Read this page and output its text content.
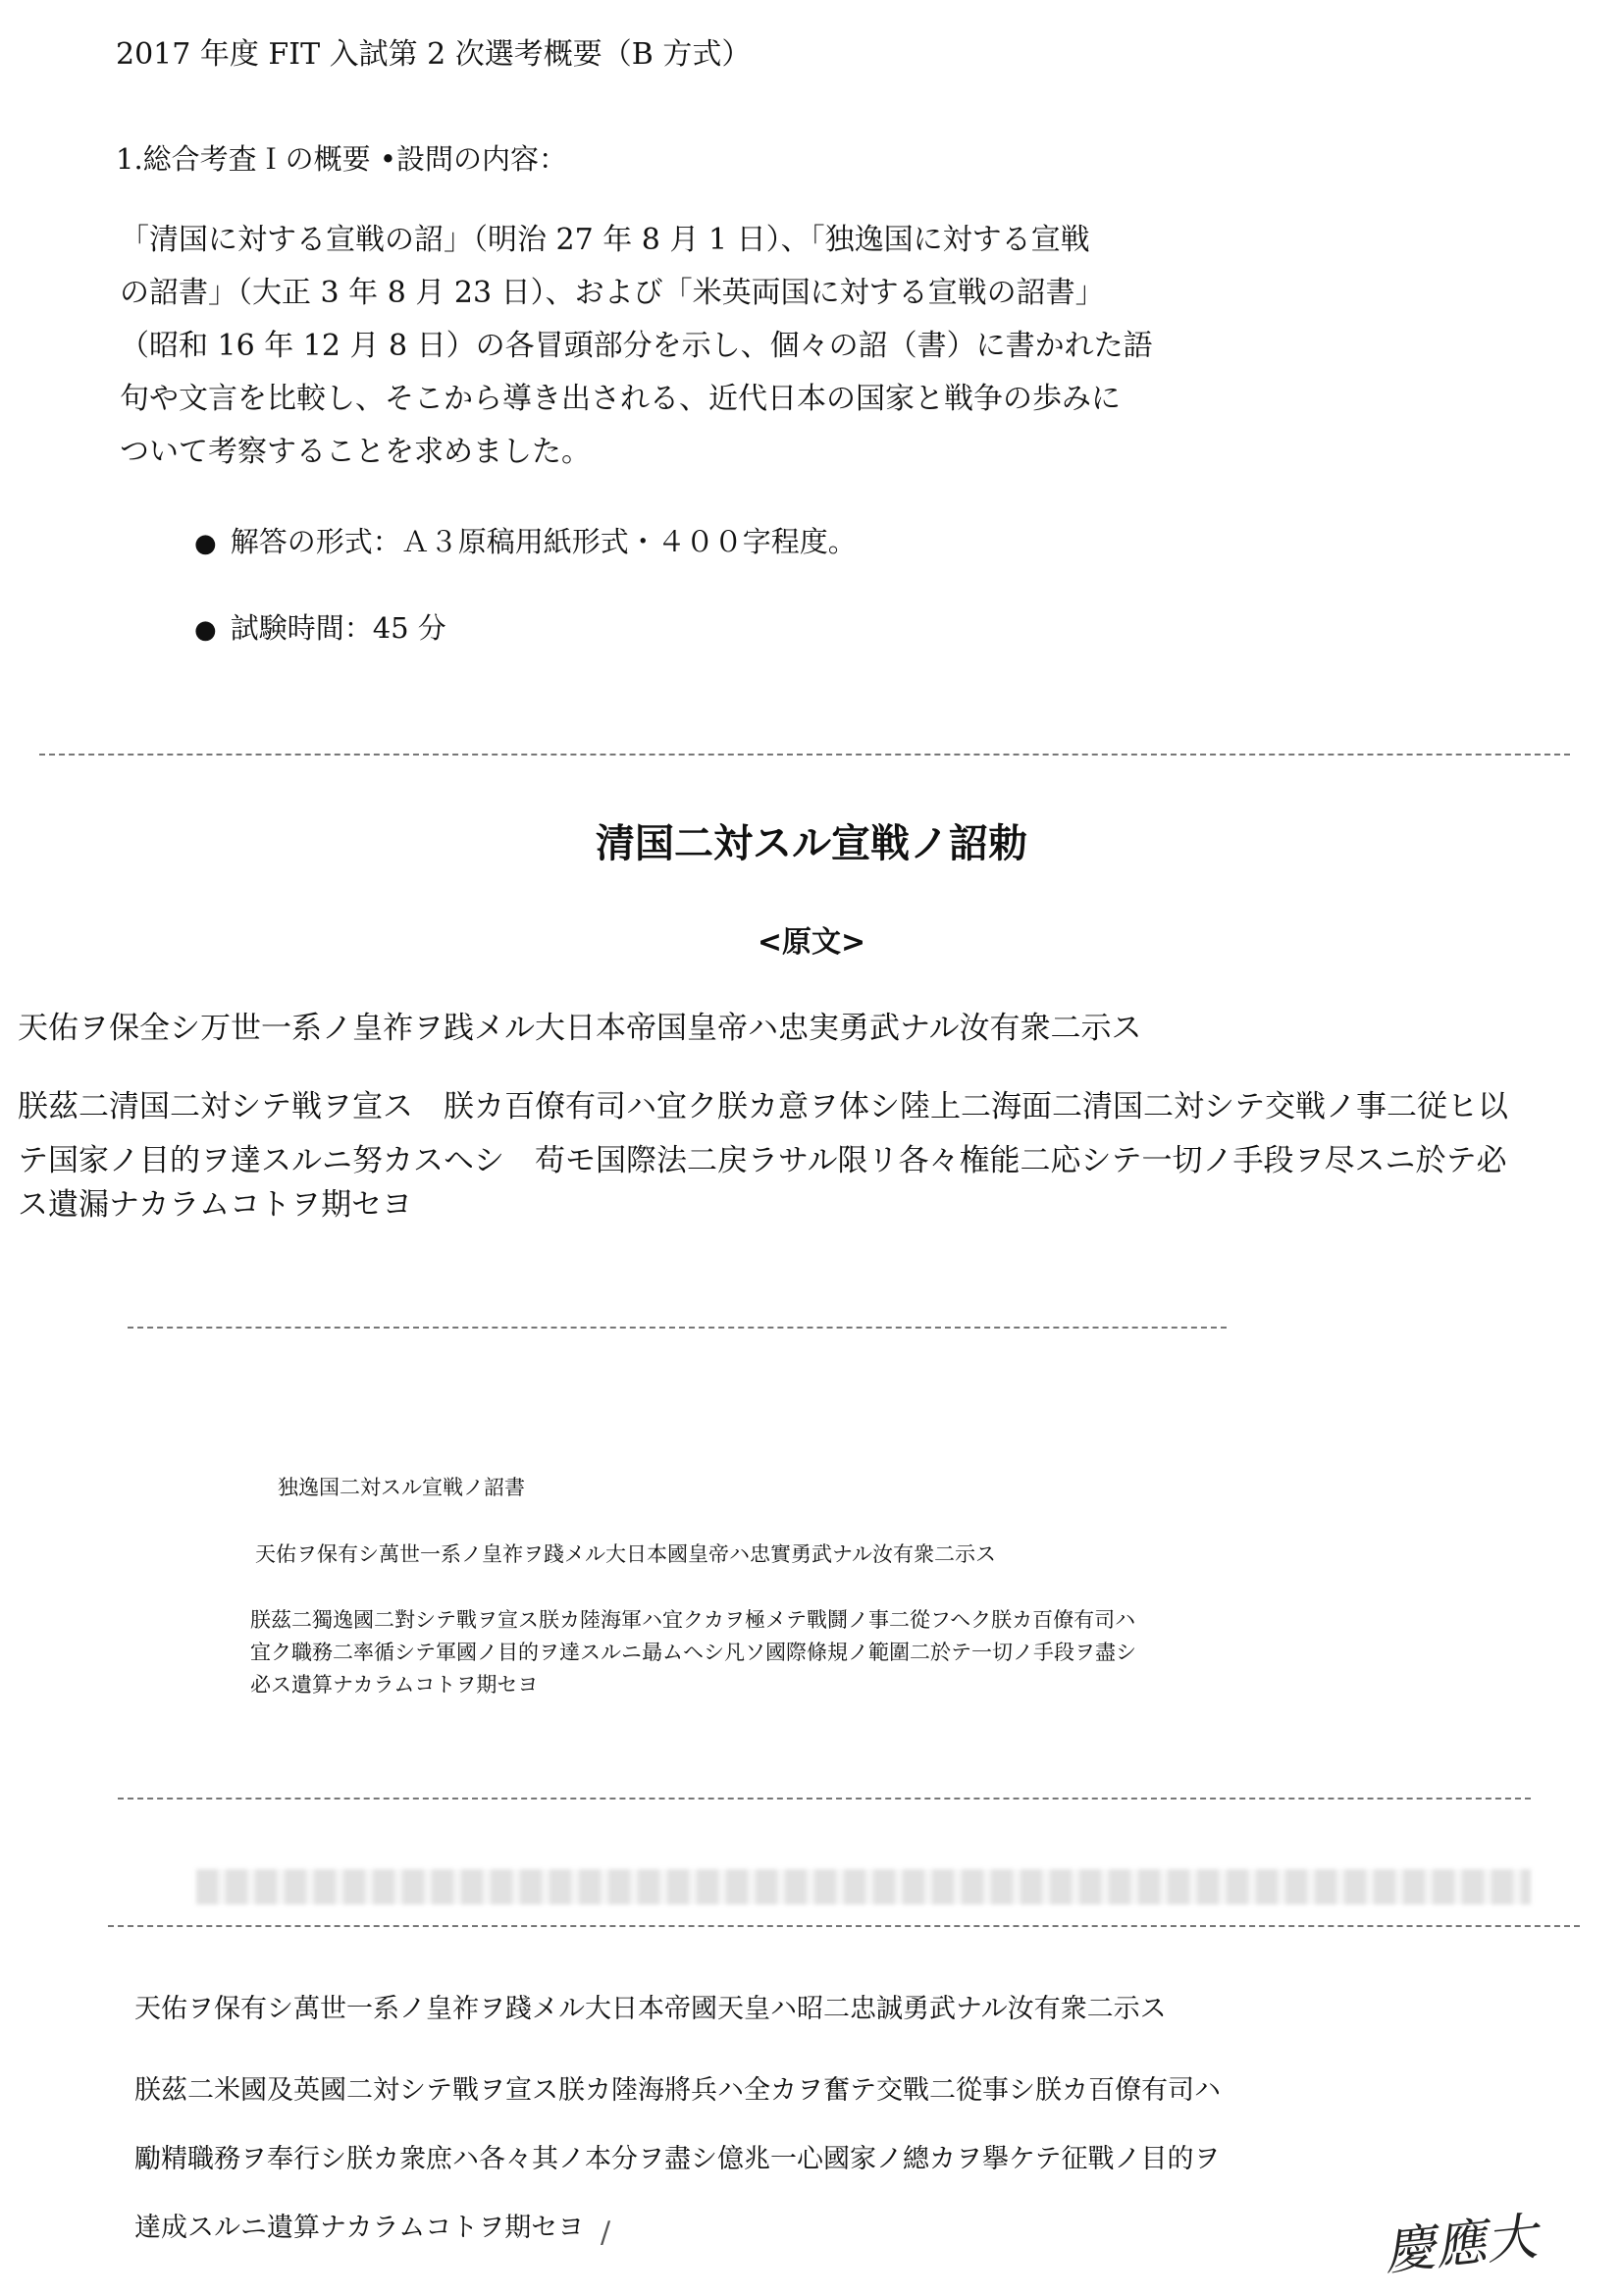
2017 年度 FIT 入試第 2 次選考概要（B 方式）
1.総合考査Ｉの概要 •設問の内容：
「清国に対する宣戦の詔」（明治 27 年 8 月 1 日）、「独逸国に対する宣戦
の詔書」（大正 3 年 8 月 23 日）、および「米英両国に対する宣戦の詔書」
（昭和 16 年 12 月 8 日）の各冒頭部分を示し、個々の詔（書）に書かれた語
句や文言を比較し、そこから導き出される、近代日本の国家と戦争の歩みに
ついて考察することを求めました。
● 解答の形式：Ａ３原稿用紙形式・４００字程度。
● 試験時間：45 分
清国二対スル宣戦ノ詔勅
<原文>
天佑ヲ保全シ万世一系ノ皇祚ヲ践メル大日本帝国皇帝ハ忠実勇武ナル汝有衆二示ス
朕茲二清国二対シテ戦ヲ宣ス　朕カ百僚有司ハ宜ク朕カ意ヲ体シ陸上二海面二清国二対シテ交戦ノ事二従ヒ以
テ国家ノ目的ヲ達スルニ努カスヘシ　苟モ国際法二戻ラサル限リ各々権能二応シテ一切ノ手段ヲ尽スニ於テ必
ス遺漏ナカラムコトヲ期セヨ
独逸国二対スル宣戦ノ詔書
天佑ヲ保有シ萬世一系ノ皇祚ヲ踐メル大日本國皇帝ハ忠實勇武ナル汝有衆二示ス
朕茲二獨逸國二對シテ戰ヲ宣ス朕カ陸海軍ハ宜クカヲ極メテ戰鬪ノ事二從フヘク朕カ百僚有司ハ
宜ク職務二率循シテ軍國ノ目的ヲ達スルニ朂ムヘシ凡ソ國際條規ノ範圍二於テ一切ノ手段ヲ盡シ
必ス遺算ナカラムコトヲ期セヨ
天佑ヲ保有シ萬世一系ノ皇祚ヲ踐メル大日本帝國天皇ハ昭二忠誠勇武ナル汝有衆二示ス
朕茲二米國及英國二対シテ戰ヲ宣ス朕カ陸海將兵ハ全カヲ奮テ交戰二從事シ朕カ百僚有司ハ
勵精職務ヲ奉行シ朕カ衆庶ハ各々其ノ本分ヲ盡シ億兆一心國家ノ總カヲ擧ケテ征戰ノ目的ヲ
達成スルニ遺算ナカラムコトヲ期セヨ /	慶應大
